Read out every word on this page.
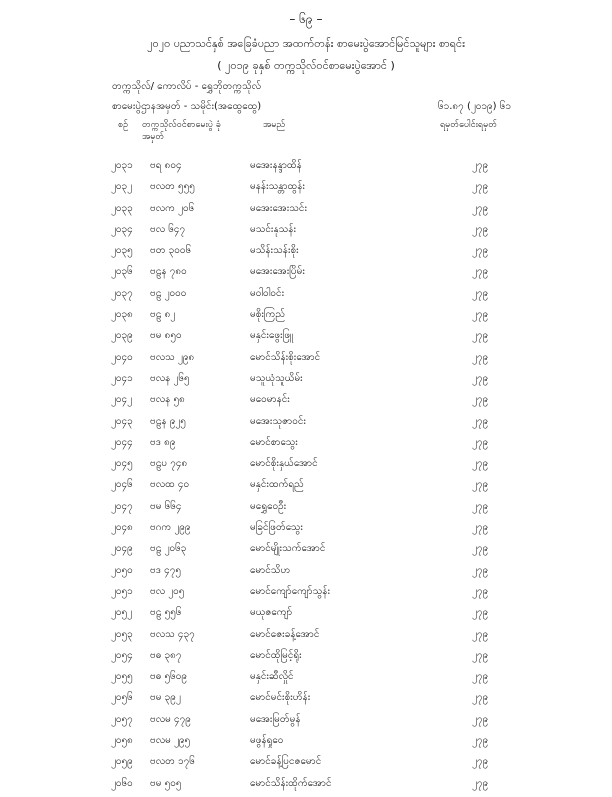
– ၆၉ –
၂၀၂၀ ပညာသင်နှစ် အခြေခံပညာ အထက်တန်း စာမေးပွဲအောင်မြင်သူများ စာရင်း
( ၂၀၁၉ ခုနှစ် တက္ကသိုလ်ဝင်စာမေးပွဲအောင် )
တက္ကသိုလ်/ ကောလိပ် - ရွှေဘိုတက္ကသိုလ်
စာမေးပွဲဌာနအမှတ် - သမိုင်း(အထွေထွေ)	၆၁.၈၇ (၂၀၁၉) ၆၁
စဉ် တက္ကသိုလ်ဝင်စာမေးပွဲ ခုံအမှတ်
အမည်	ရမှတ်ပေါင်းရမှတ်
၂၀၃၁ ဗရ ၈၀၄	မအေးနန္ဒာထိန်	၂၇၉
၂၀၃၂ ဗလတ ၅၅၅	မနန်းသန္တာထွန်း	၂၇၉
၂၀၃၃ ဗလက ၂၀၆	မအေးအေးသင်း	၂၇၉
၂၀၃၄ ဗလ ၆၄၇	မသင်းနုသန်း	၂၇၉
၂၀၃၅ ဗတ ၃၀၀၆	မသိန်းသန်းစိုး	၂၇၉
၂၀၃၆ ဗဠန ၇၈၀	မအေးအေးပြိမ်း	၂၇၉
၂၀၃၇ ဗဠ ၂၀၀၀	မဝါဝါဝင်း	၂၇၉
၂၀၃၈ ဗဠ ၈၂	မစိုးကြည်	၂၇၉
၂၀၃၉ ဗမ ၈၅၀	မနှင်းဖွေးဖြူ	၂၇၉
၂၀၄၀ ဗလသ ၂၉၈	မောင်သိန်းစိုးအောင်	၂၇၉
၂၀၄၁ ဗလန ၂၆၅	မသူယုံသူယိမ်း	၂၇၉
၂၀၄၂ ဗလန ၅၈	မဝေမာနင်း	၂၇၉
၂၀၄၃ ဗဠန ၉၂၅	မအေးသုဇာဝင်း	၂၇၉
၂၀၄၄ ဗဒ ၈၉	မောင်စာသွေး	၂၇၉
၂၀၄၅ ဗဠပ ၇၄၈	မောင်စိုးနှယ်အောင်	၂၇၉
၂၀၄၆ ဗလထ ၄၀	မနှင်းထက်ရည်	၂၇၉
၂၀၄၇ ဗမ ၆၆၄	မရွှေဝေဦး	၂၇၉
၂၀၄၈ ဗဂက ၂၉၉	မခြင်ဖြတ်သွေး	၂၇၉
၂၀၄၉ ဗဠ ၂၀၆၃	မောင်မျိုးသက်အောင်	၂၇၉
၂၀၅၀ ဗဒ ၄၇၅	မောင်သိဟ	၂၇၉
၂၀၅၁ ဗလ ၂၀၅	မောင်ကျော်ကျော်သွန်း	၂၇၉
၂၀၅၂ ဗဠ ၅၅၆	မယုဇကျော်	၂၇၉
၂၀၅၃ ဗလသ ၄၃၇	မောင်ဇေးခန့်အောင်	၂၇၉
၂၀၅၄ ဗဓ ၃၈၇	မောင်ထိုမြင့်ရိုး	၂၇၉
၂၀၅၅ ဗဓ ၅၆၀၉	မနှင်းဆီလှိုင်	၂၇၉
၂၀၅၆ ဗမ ၃၉၂	မောင်မင်းစိုးဟိန်း	၂၇၉
၂၀၅၇ ဗလမ ၄၇၉	မအေးမြတ်မွန်	၂၇၉
၂၀၅၈ ဗလမ ၂၉၅	မဖွန်ရှုဝေ	၂၇၉
၂၀၅၉ ဗလတ ၁၇၆	မောင်ခန့်ပြငဇမောင်	၂၇၉
၂၀၆၀ ဗမ ၅၀၅	မောင်သိန်းထိုက်အောင်	၂၇၉
